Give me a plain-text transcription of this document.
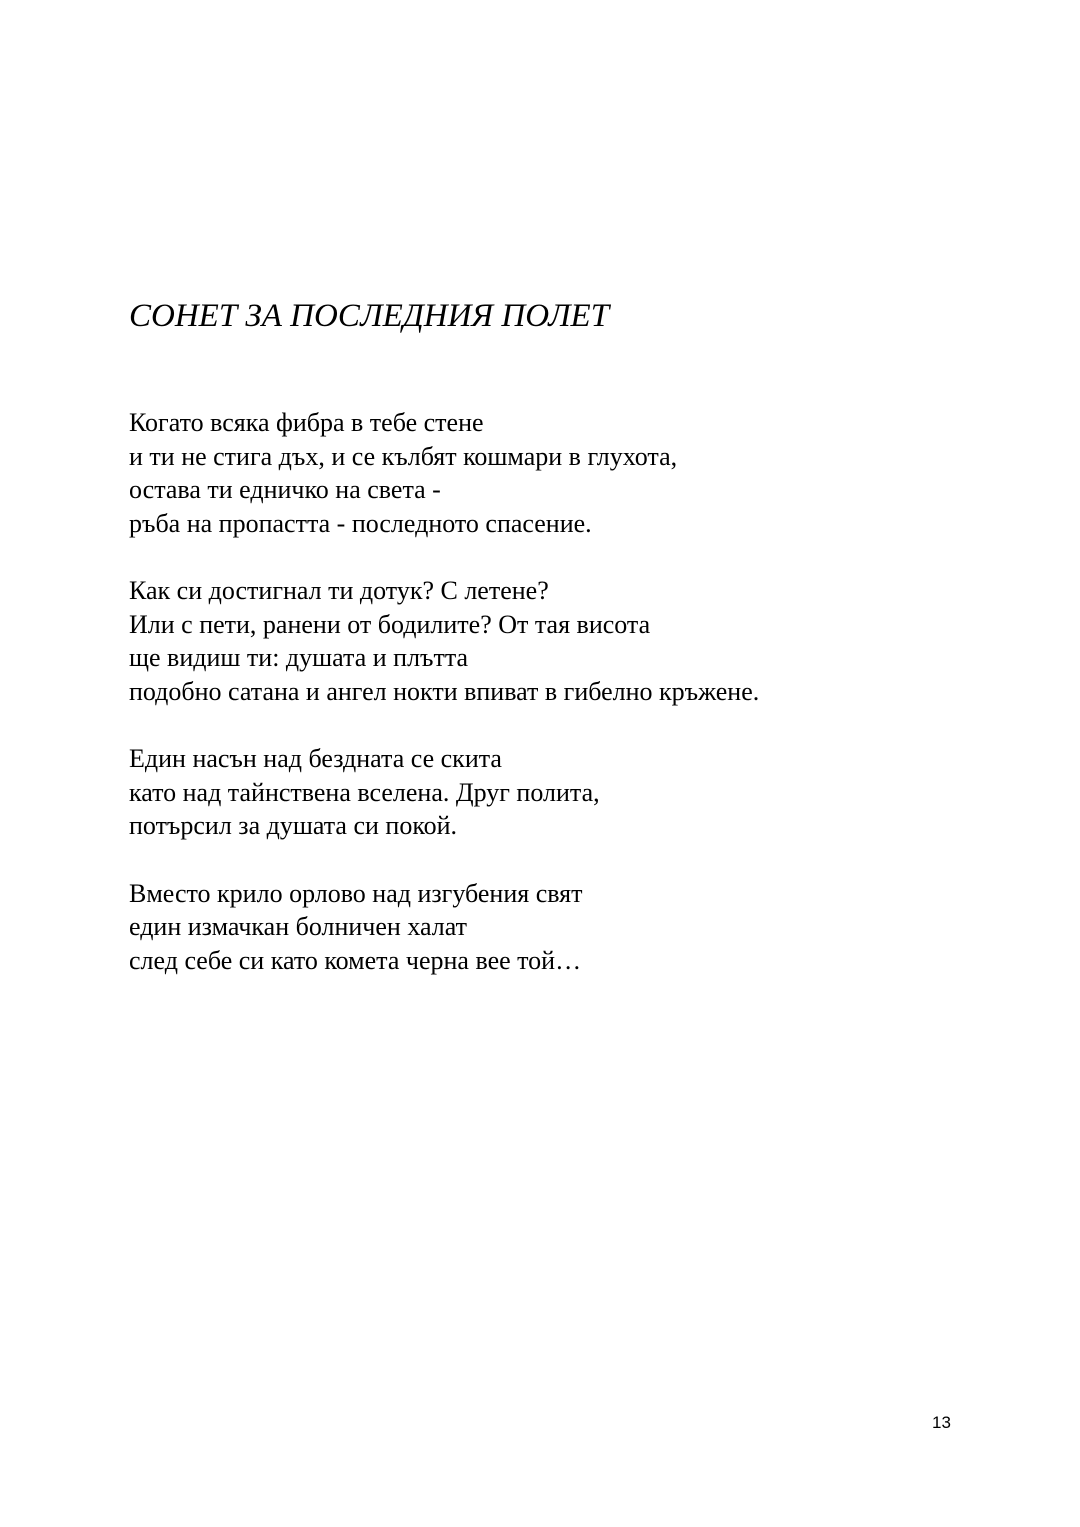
СОНЕТ ЗА ПОСЛЕДНИЯ ПОЛЕТ
Когато всяка фибра в тебе стене
и ти не стига дъх, и се кълбят кошмари в глухота,
остава ти едничко на света -
ръба на пропастта - последното спасение.
Как си достигнал ти дотук? С летене?
Или с пети, ранени от бодилите? От тая висота
ще видиш ти: душата и плътта
подобно сатана и ангел нокти впиват в гибелно кръжене.
Един насън над бездната се скита
като над тайнствена вселена. Друг полита,
потърсил за душата си покой.
Вместо крило орлово над изгубения свят
един измачкан болничен халат
след себе си като комета черна вее той…
13
